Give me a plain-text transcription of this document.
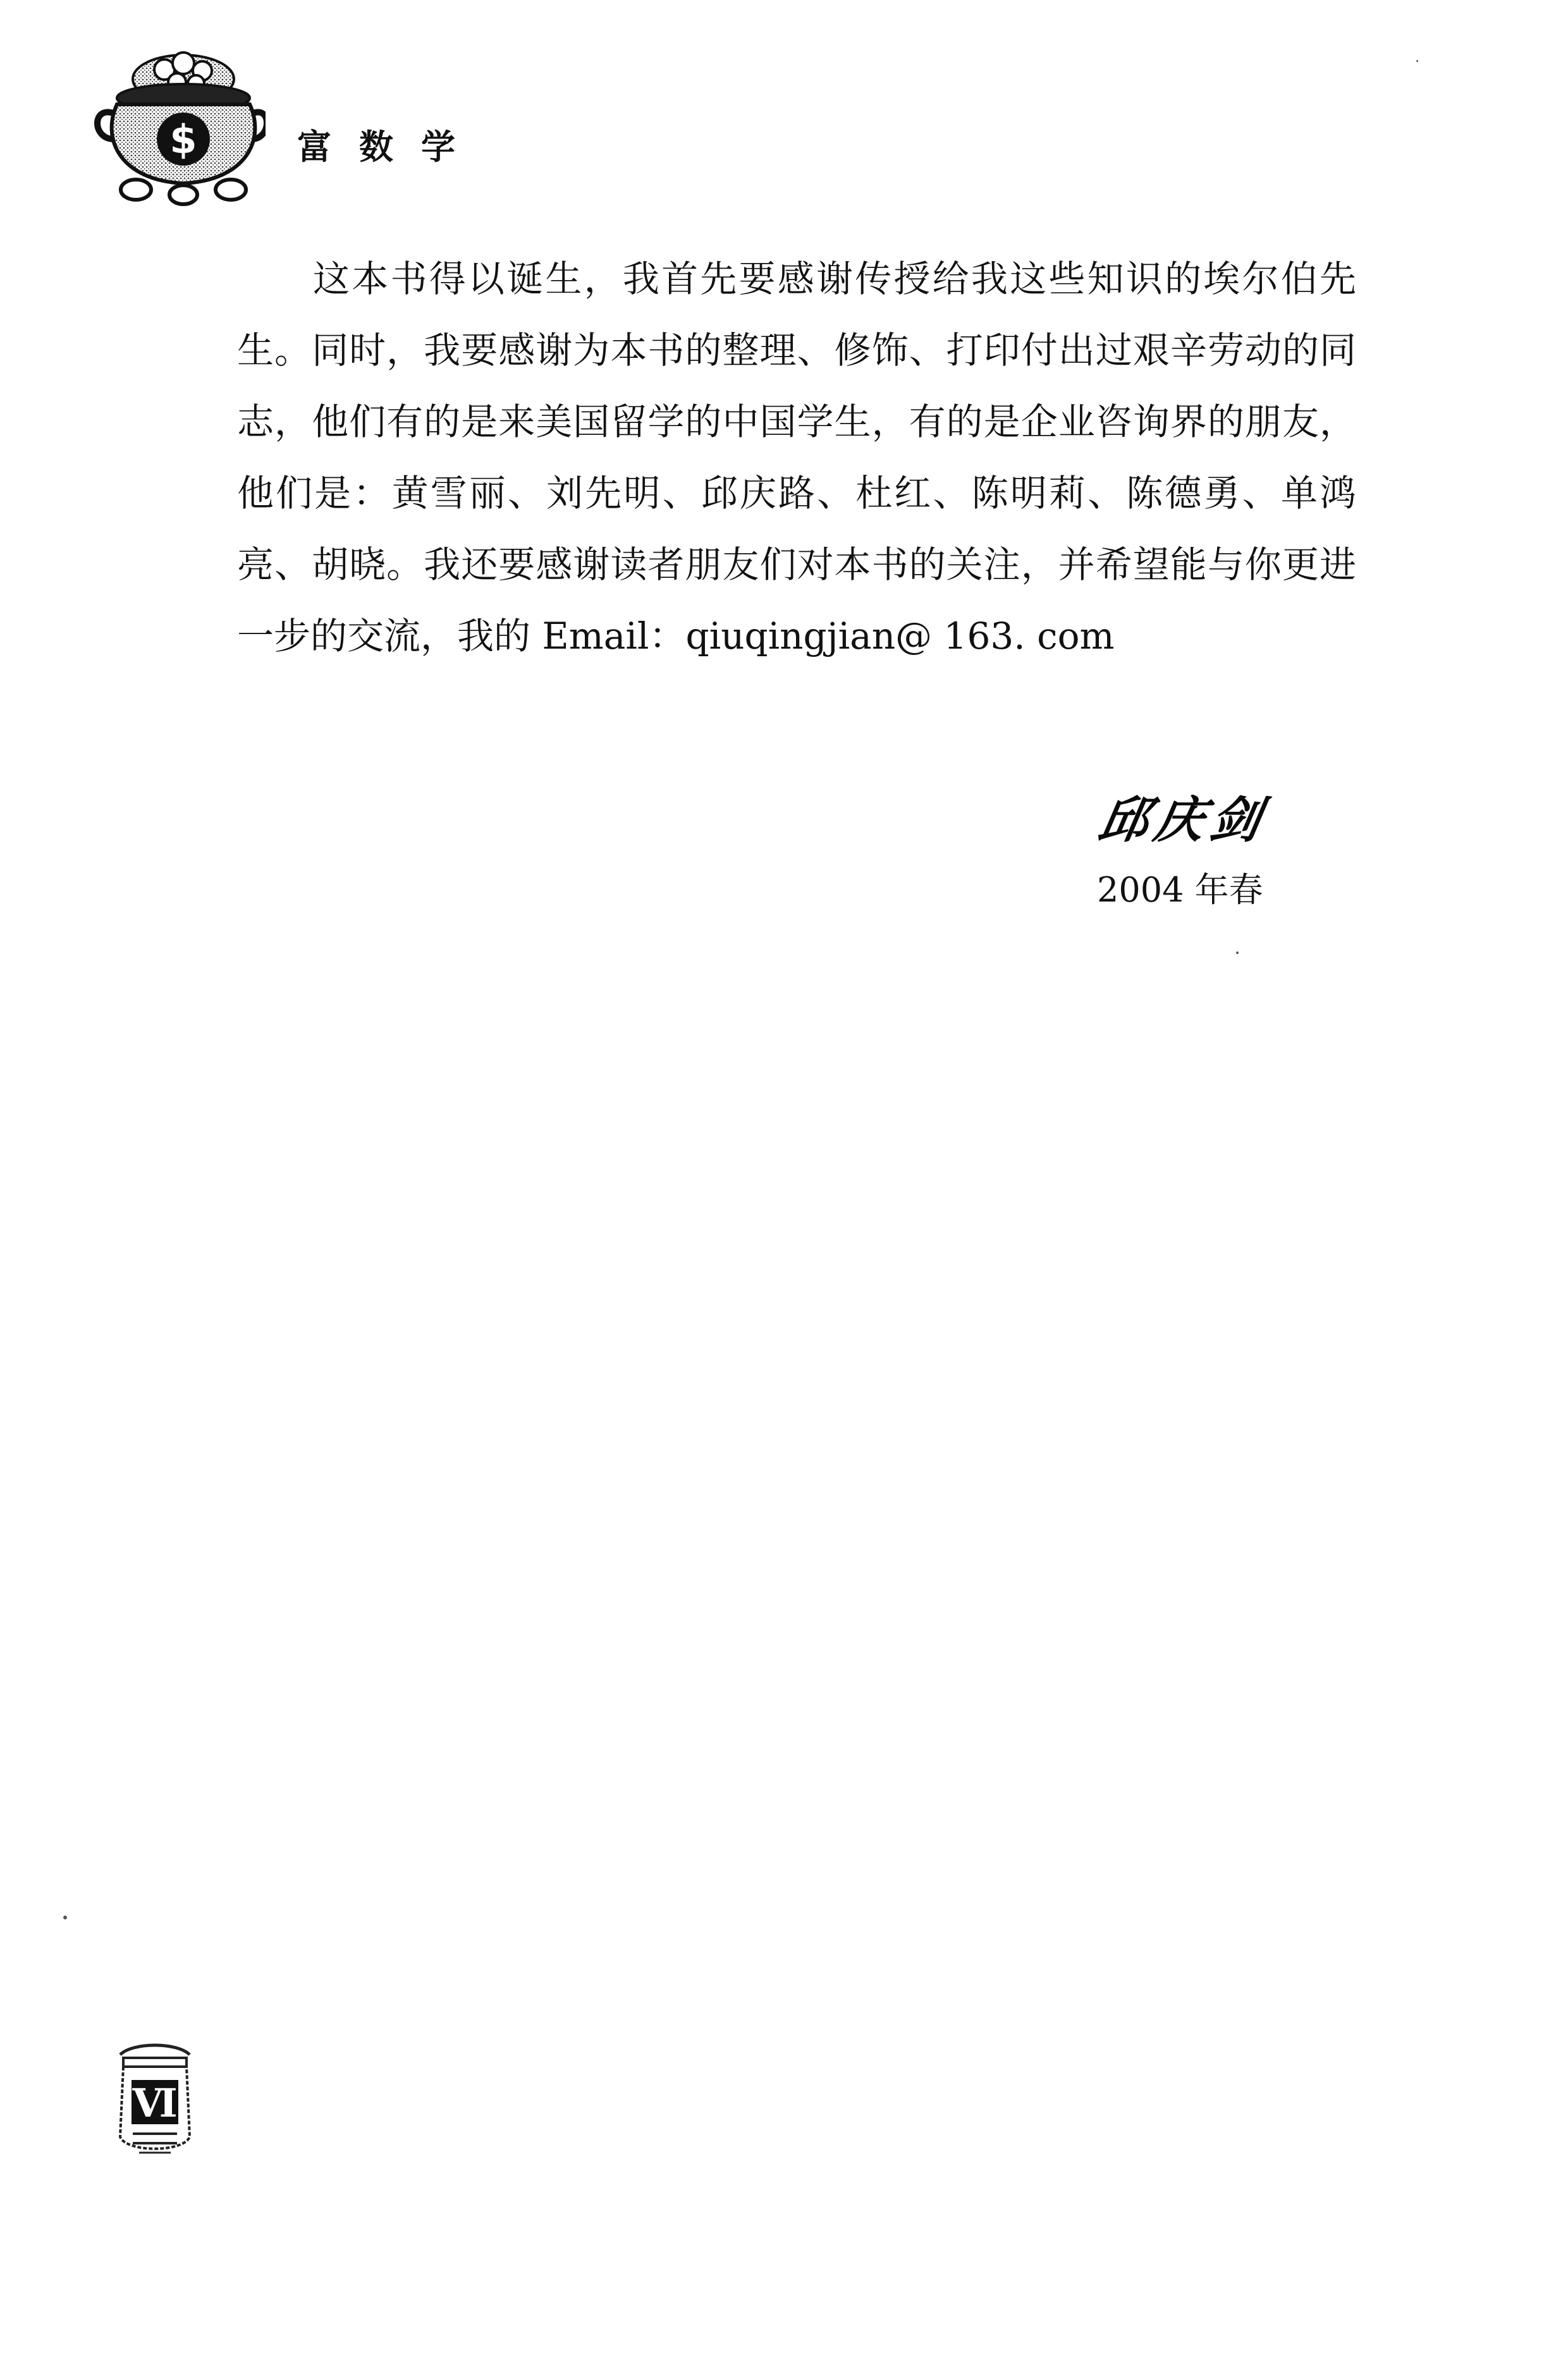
$	富数学

这本书得以诞生，我首先要感谢传授给我这些知识的埃尔伯先生。同时，我要感谢为本书的整理、修饰、打印付出过艰辛劳动的同志，他们有的是来美国留学的中国学生，有的是企业咨询界的朋友，他们是：黄雪丽、刘先明、邱庆路、杜红、陈明莉、陈德勇、单鸿亮、胡晓。我还要感谢读者朋友们对本书的关注，并希望能与你更进一步的交流，我的 Email：qiuqingjian@ 163. com

邱庆剑
2004 年春
Ⅵ
